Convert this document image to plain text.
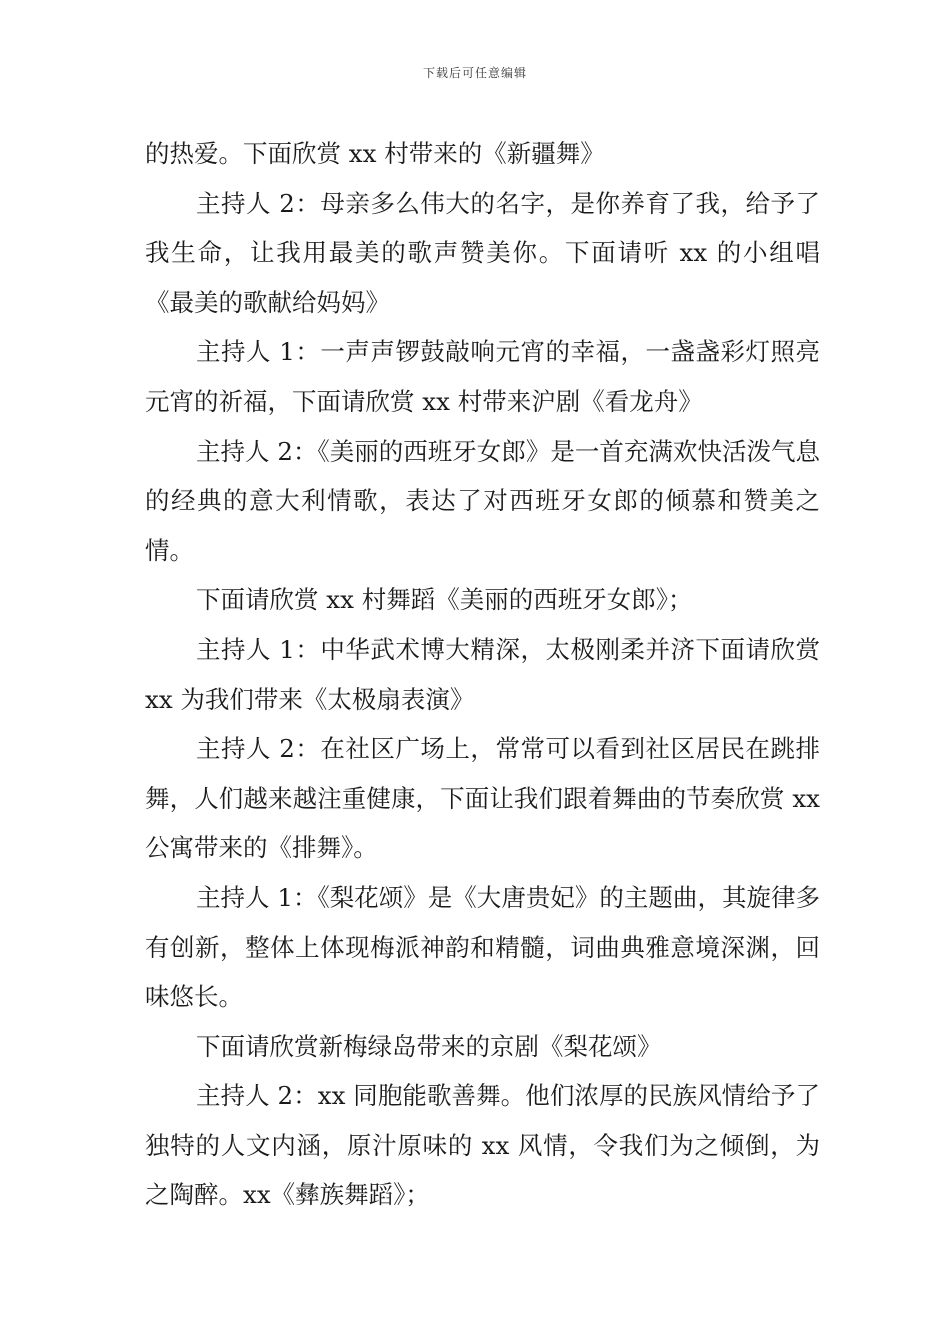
下载后可任意编辑

的热爱。下面欣赏 xx 村带来的《新疆舞》

主持人 2：母亲多么伟大的名字，是你养育了我，给予了我生命，让我用最美的歌声赞美你。下面请听 xx 的小组唱《最美的歌献给妈妈》

主持人 1：一声声锣鼓敲响元宵的幸福，一盏盏彩灯照亮元宵的祈福，下面请欣赏 xx 村带来沪剧《看龙舟》

主持人 2：《美丽的西班牙女郎》是一首充满欢快活泼气息的经典的意大利情歌，表达了对西班牙女郎的倾慕和赞美之情。

下面请欣赏 xx 村舞蹈《美丽的西班牙女郎》；

主持人 1：中华武术博大精深，太极刚柔并济下面请欣赏 xx 为我们带来《太极扇表演》

主持人 2：在社区广场上，常常可以看到社区居民在跳排舞，人们越来越注重健康，下面让我们跟着舞曲的节奏欣赏 xx 公寓带来的《排舞》。

主持人 1：《梨花颂》是《大唐贵妃》的主题曲，其旋律多有创新，整体上体现梅派神韵和精髓，词曲典雅意境深渊，回味悠长。

下面请欣赏新梅绿岛带来的京剧《梨花颂》

主持人 2：xx 同胞能歌善舞。他们浓厚的民族风情给予了独特的人文内涵，原汁原味的 xx 风情，令我们为之倾倒，为之陶醉。xx《彝族舞蹈》；
